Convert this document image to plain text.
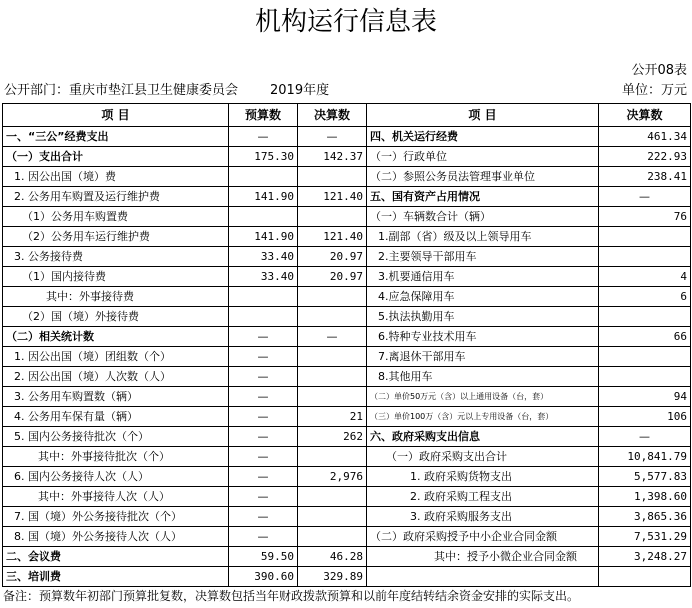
机构运行信息表
公开08表
公开部门：重庆市垫江县卫生健康委员会 2019年度	单位：万元
项 目	预算数	决算数	项 目	决算数
一、“三公”经费支出	—	—	四、机关运行经费	461.34
（一）支出合计	175.30	142.37	（一）行政单位	222.93
1. 因公出国（境）费			（二）参照公务员法管理事业单位	238.41
2. 公务用车购置及运行维护费	141.90	121.40	五、国有资产占用情况	—
（1）公务用车购置费			（一）车辆数合计（辆）	76
（2）公务用车运行维护费	141.90	121.40	1.副部（省）级及以上领导用车	
3. 公务接待费	33.40	20.97	2.主要领导干部用车	
（1）国内接待费	33.40	20.97	3.机要通信用车	4
其中：外事接待费			4.应急保障用车	6
（2）国（境）外接待费			5.执法执勤用车	
（二）相关统计数	—	—	6.特种专业技术用车	66
1. 因公出国（境）团组数（个）	—		7.离退休干部用车	
2. 因公出国（境）人次数（人）	—		8.其他用车	
3. 公务用车购置数（辆）	—		（二）单价50万元（含）以上通用设备（台，套）	94
4. 公务用车保有量（辆）	—	21	（三）单价100万（含）元以上专用设备（台，套）	106
5. 国内公务接待批次（个）	—	262	六、政府采购支出信息	—
其中：外事接待批次（个）	—		（一）政府采购支出合计	10,841.79
6. 国内公务接待人次（人）	—	2,976	1. 政府采购货物支出	5,577.83
其中：外事接待人次（人）	—		2. 政府采购工程支出	1,398.60
7. 国（境）外公务接待批次（个）	—		3. 政府采购服务支出	3,865.36
8. 国（境）外公务接待人次（人）	—		（二）政府采购授予中小企业合同金额	7,531.29
二、会议费	59.50	46.28	其中：授予小微企业合同金额	3,248.27
三、培训费	390.60	329.89		
备注：预算数年初部门预算批复数，决算数包括当年财政拨款预算和以前年度结转结余资金安排的实际支出。
